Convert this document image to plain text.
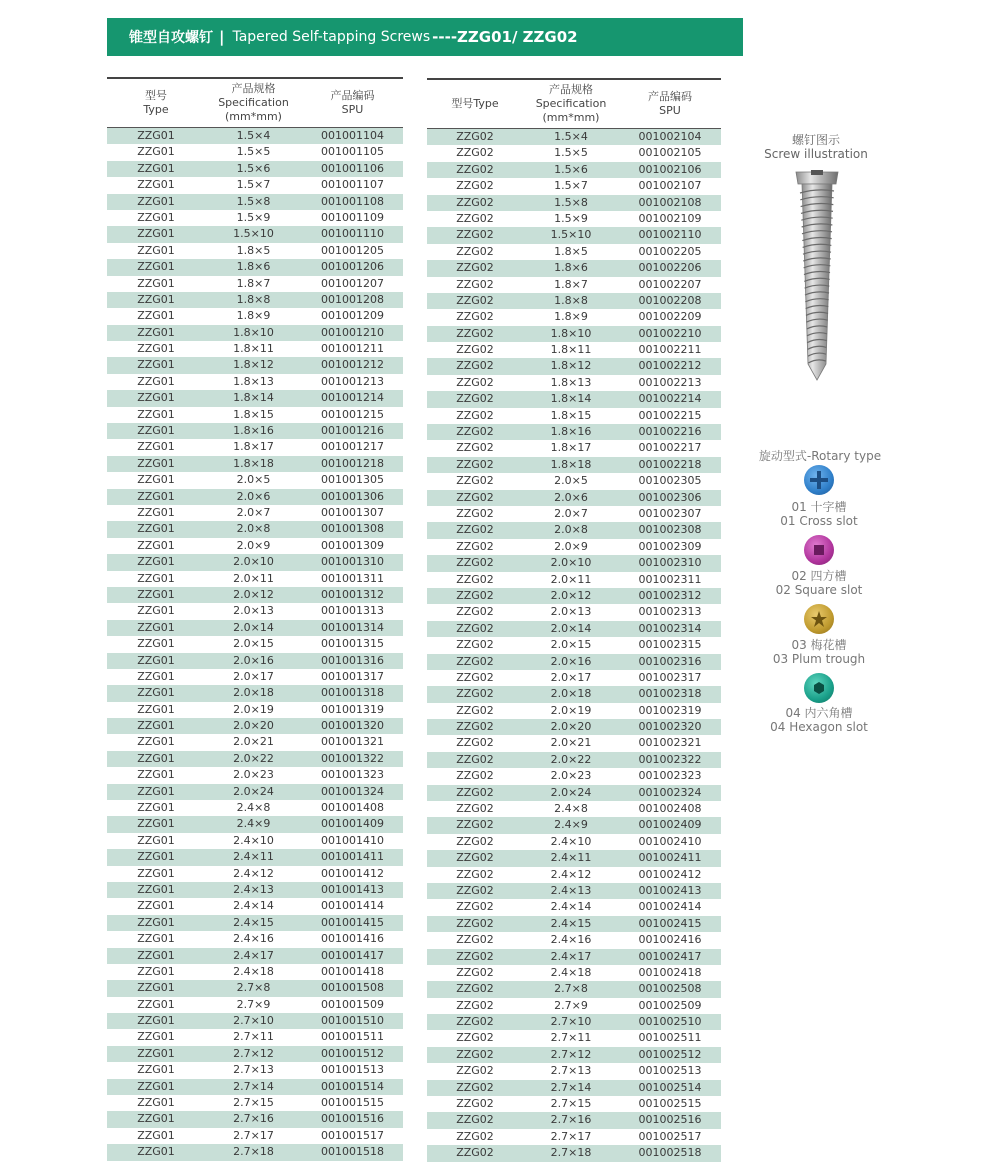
锥型自攻螺钉 | Tapered Self-tapping Screws ----ZZG01/ ZZG02
型号
Type
产品规格
Specification
(mm*mm)
产品编码
SPU
ZZG01	1.5×4	001001104
ZZG01	1.5×5	001001105
ZZG01	1.5×6	001001106
ZZG01	1.5×7	001001107
ZZG01	1.5×8	001001108
ZZG01	1.5×9	001001109
ZZG01	1.5×10	001001110
ZZG01	1.8×5	001001205
ZZG01	1.8×6	001001206
ZZG01	1.8×7	001001207
ZZG01	1.8×8	001001208
ZZG01	1.8×9	001001209
ZZG01	1.8×10	001001210
ZZG01	1.8×11	001001211
ZZG01	1.8×12	001001212
ZZG01	1.8×13	001001213
ZZG01	1.8×14	001001214
ZZG01	1.8×15	001001215
ZZG01	1.8×16	001001216
ZZG01	1.8×17	001001217
ZZG01	1.8×18	001001218
ZZG01	2.0×5	001001305
ZZG01	2.0×6	001001306
ZZG01	2.0×7	001001307
ZZG01	2.0×8	001001308
ZZG01	2.0×9	001001309
ZZG01	2.0×10	001001310
ZZG01	2.0×11	001001311
ZZG01	2.0×12	001001312
ZZG01	2.0×13	001001313
ZZG01	2.0×14	001001314
ZZG01	2.0×15	001001315
ZZG01	2.0×16	001001316
ZZG01	2.0×17	001001317
ZZG01	2.0×18	001001318
ZZG01	2.0×19	001001319
ZZG01	2.0×20	001001320
ZZG01	2.0×21	001001321
ZZG01	2.0×22	001001322
ZZG01	2.0×23	001001323
ZZG01	2.0×24	001001324
ZZG01	2.4×8	001001408
ZZG01	2.4×9	001001409
ZZG01	2.4×10	001001410
ZZG01	2.4×11	001001411
ZZG01	2.4×12	001001412
ZZG01	2.4×13	001001413
ZZG01	2.4×14	001001414
ZZG01	2.4×15	001001415
ZZG01	2.4×16	001001416
ZZG01	2.4×17	001001417
ZZG01	2.4×18	001001418
ZZG01	2.7×8	001001508
ZZG01	2.7×9	001001509
ZZG01	2.7×10	001001510
ZZG01	2.7×11	001001511
ZZG01	2.7×12	001001512
ZZG01	2.7×13	001001513
ZZG01	2.7×14	001001514
ZZG01	2.7×15	001001515
ZZG01	2.7×16	001001516
ZZG01	2.7×17	001001517
ZZG01	2.7×18	001001518
型号Type
产品规格
Specification
(mm*mm)
产品编码
SPU
ZZG02	1.5×4	001002104
ZZG02	1.5×5	001002105
ZZG02	1.5×6	001002106
ZZG02	1.5×7	001002107
ZZG02	1.5×8	001002108
ZZG02	1.5×9	001002109
ZZG02	1.5×10	001002110
ZZG02	1.8×5	001002205
ZZG02	1.8×6	001002206
ZZG02	1.8×7	001002207
ZZG02	1.8×8	001002208
ZZG02	1.8×9	001002209
ZZG02	1.8×10	001002210
ZZG02	1.8×11	001002211
ZZG02	1.8×12	001002212
ZZG02	1.8×13	001002213
ZZG02	1.8×14	001002214
ZZG02	1.8×15	001002215
ZZG02	1.8×16	001002216
ZZG02	1.8×17	001002217
ZZG02	1.8×18	001002218
ZZG02	2.0×5	001002305
ZZG02	2.0×6	001002306
ZZG02	2.0×7	001002307
ZZG02	2.0×8	001002308
ZZG02	2.0×9	001002309
ZZG02	2.0×10	001002310
ZZG02	2.0×11	001002311
ZZG02	2.0×12	001002312
ZZG02	2.0×13	001002313
ZZG02	2.0×14	001002314
ZZG02	2.0×15	001002315
ZZG02	2.0×16	001002316
ZZG02	2.0×17	001002317
ZZG02	2.0×18	001002318
ZZG02	2.0×19	001002319
ZZG02	2.0×20	001002320
ZZG02	2.0×21	001002321
ZZG02	2.0×22	001002322
ZZG02	2.0×23	001002323
ZZG02	2.0×24	001002324
ZZG02	2.4×8	001002408
ZZG02	2.4×9	001002409
ZZG02	2.4×10	001002410
ZZG02	2.4×11	001002411
ZZG02	2.4×12	001002412
ZZG02	2.4×13	001002413
ZZG02	2.4×14	001002414
ZZG02	2.4×15	001002415
ZZG02	2.4×16	001002416
ZZG02	2.4×17	001002417
ZZG02	2.4×18	001002418
ZZG02	2.7×8	001002508
ZZG02	2.7×9	001002509
ZZG02	2.7×10	001002510
ZZG02	2.7×11	001002511
ZZG02	2.7×12	001002512
ZZG02	2.7×13	001002513
ZZG02	2.7×14	001002514
ZZG02	2.7×15	001002515
ZZG02	2.7×16	001002516
ZZG02	2.7×17	001002517
ZZG02	2.7×18	001002518
螺钉图示
Screw illustration
旋动型式-Rotary type
01 十字槽
01 Cross slot
02 四方槽
02 Square slot
03 梅花槽
03 Plum trough
04 内六角槽
04 Hexagon slot
